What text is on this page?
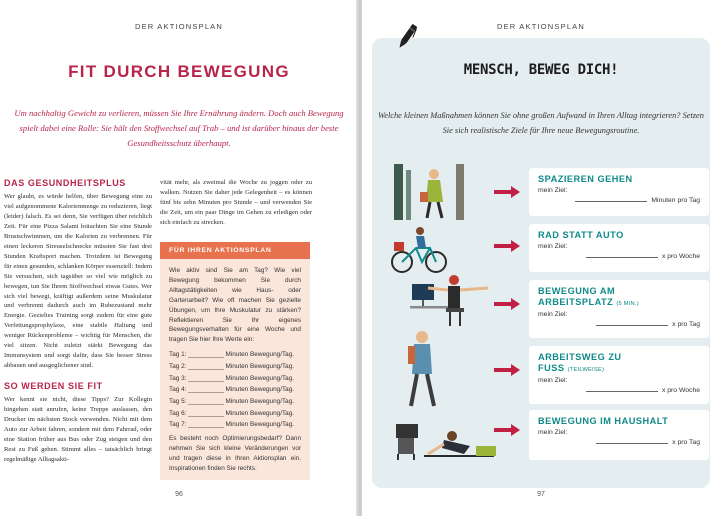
DER AKTIONSPLAN
FIT DURCH BEWEGUNG
Um nachhaltig Gewicht zu verlieren, müssen Sie Ihre Ernährung ändern. Doch auch Bewegung spielt dabei eine Rolle: Sie hält den Stoffwechsel auf Trab – und ist darüber hinaus der beste Gesundheitsschutz überhaupt.
DAS GESUNDHEITSPLUS
Wer glaubt, es würde helfen, über Bewegung eine zu viel aufgenommene Kalorienmenge zu reduzieren, liegt (leider) falsch. Es sei denn, Sie verfügen über reichlich Zeit. Für eine Pizza Salami bräuchten Sie eine Stunde Brustschwimmen, um die Kalorien zu verbrennen. Für einen leckeren Streuselschnecke müssten Sie fast drei Stunden Kraftsport machen. Trotzdem ist Bewegung für einen gesunden, schlanken Körper essenziell: Indem Sie versuchen, sich tagsüber so viel wie möglich zu bewegen, tun Sie Ihrem Stoffwechsel etwas Gutes. Wer sich viel bewegt, kräftigt außerdem seine Muskulatur und verbrennt dadurch auch im Ruhezustand mehr Energie. Gezieltes Training sorgt zudem für eine gute Verfettungsprophylaxe, eine stabile Haltung und weniger Rückenprobleme – wichtig für Menschen, die viel sitzen. Nicht zuletzt stärkt Bewegung das Immunsystem und sorgt dafür, dass Sie besser Stress abbauen und ausgeglichener sind.
SO WERDEN SIE FIT
Wer kennt sie nicht, diese Tipps? Zur Kollegin hingehen statt anrufen, keine Treppe auslassen, den Drucker im nächsten Stock verwenden. Nicht mit dem Auto zur Arbeit fahren, sondern mit dem Fahrrad, oder eine Station früher aus Bus oder Zug steigen und den Rest zu Fuß gehen. Stimmt alles – tatsächlich bringt regelmäßige Alltagsakti-
vität mehr, als zweimal die Woche zu joggen oder zu walken. Nutzen Sie daher jede Gelegenheit – es können fünf bis zehn Minuten pro Stunde – und verwenden Sie die Zeit, um ein paar Dinge im Gehen zu erledigen oder sich einfach zu strecken.
FÜR IHREN AKTIONSPLAN

Wie aktiv sind Sie am Tag? Wie viel Bewegung bekommen Sie durch Alltagstätigkeiten wie Haus- oder Gartenarbeit? Wie oft machen Sie gezielte Übungen, um Ihre Muskulatur zu stärken? Reflektieren Sie Ihr eigenes Bewegungsverhalten für eine Woche und tragen Sie hier Ihre Werte ein:

Tag 1: __________ Minuten Bewegung/Tag.
Tag 2: __________ Minuten Bewegung/Tag.
Tag 3: __________ Minuten Bewegung/Tag.
Tag 4: __________ Minuten Bewegung/Tag.
Tag 5: __________ Minuten Bewegung/Tag.
Tag 6: __________ Minuten Bewegung/Tag.
Tag 7: __________ Minuten Bewegung/Tag.

Es besteht noch Optimierungsbedarf? Dann nehmen Sie sich kleine Veränderungen vor und tragen diese in Ihren Aktionsplan ein. Inspirationen finden Sie rechts.

96
DER AKTIONSPLAN
97
MENSCH, BEWEG DICH!
Welche kleinen Maßnahmen können Sie ohne großen Aufwand in Ihren Alltag integrieren? Setzen Sie sich realistische Ziele für Ihre neue Bewegungsroutine.
SPAZIEREN GEHEN
mein Ziel:
Minuten pro Tag
RAD STATT AUTO
mein Ziel:
x pro Woche
BEWEGUNG AM ARBEITSPLATZ (5 MIN.)
mein Ziel:
x pro Tag
ARBEITSWEG ZU FUSS (TEILWEISE)
mein Ziel:
x pro Woche
BEWEGUNG IM HAUSHALT
mein Ziel:
x pro Tag
